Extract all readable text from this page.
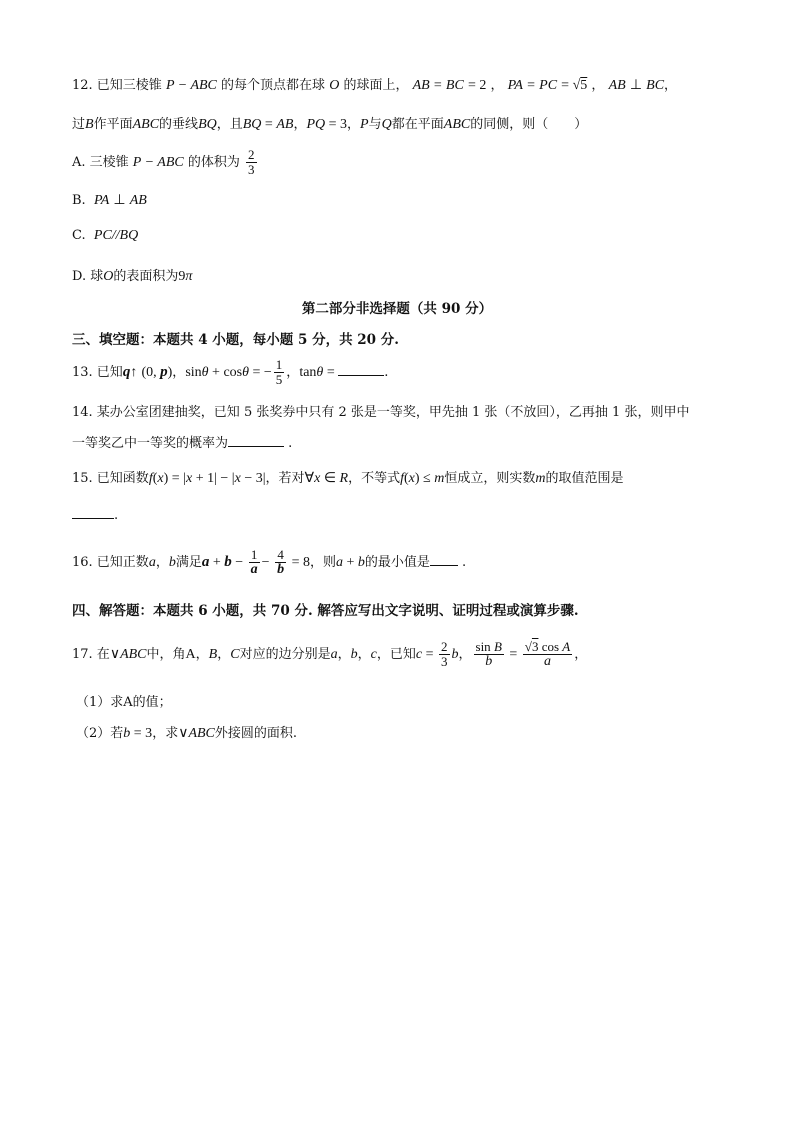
12. 已知三棱锥 P − ABC 的每个顶点都在球 O 的球面上， AB = BC = 2 ， PA = PC = √5 ， AB ⊥ BC，
过B作平面ABC的垂线BQ，且BQ = AB，PQ = 3，P与Q都在平面ABC的同侧，则（　　）
A. 三棱锥 P − ABC 的体积为 $\frac{2}{3}$
B. PA ⊥ AB
C. PC//BQ
D. 球O的表面积为9π
第二部分非选择题（共 90 分）
三、填空题：本题共 4 小题，每小题 5 分，共 20 分.
13. 已知q↑ (0, p)，sinθ + cosθ = − $\frac{1}{5}$ ，tanθ =	.
14. 某办公室团建抽奖，已知 5 张奖券中只有 2 张是一等奖，甲先抽 1 张（不放回），乙再抽 1 张，则甲中
一等奖乙中一等奖的概率为	.
15. 已知函数f(x) = |x + 1| − |x − 3|，若对∀x ∈ R，不等式f(x) ≤ m恒成立，则实数m的取值范围是
.
16. 已知正数a，b满足$a + b - \frac{1}{a} - \frac{4}{b} = 8$，则a + b的最小值是 .
四、解答题：本题共 6 小题，共 70 分. 解答应写出文字说明、证明过程或演算步骤.
17. 在∨ABC中，角A，B，C对应的边分别是a，b，c，已知$c = \frac{2}{3}$ b， $\frac{\text{sin B}}{b} = \frac{\text{√3 cos A}}{a}$ ，
（1）求A的值；
（2）若b = 3，求∨ABC外接圆的面积.
